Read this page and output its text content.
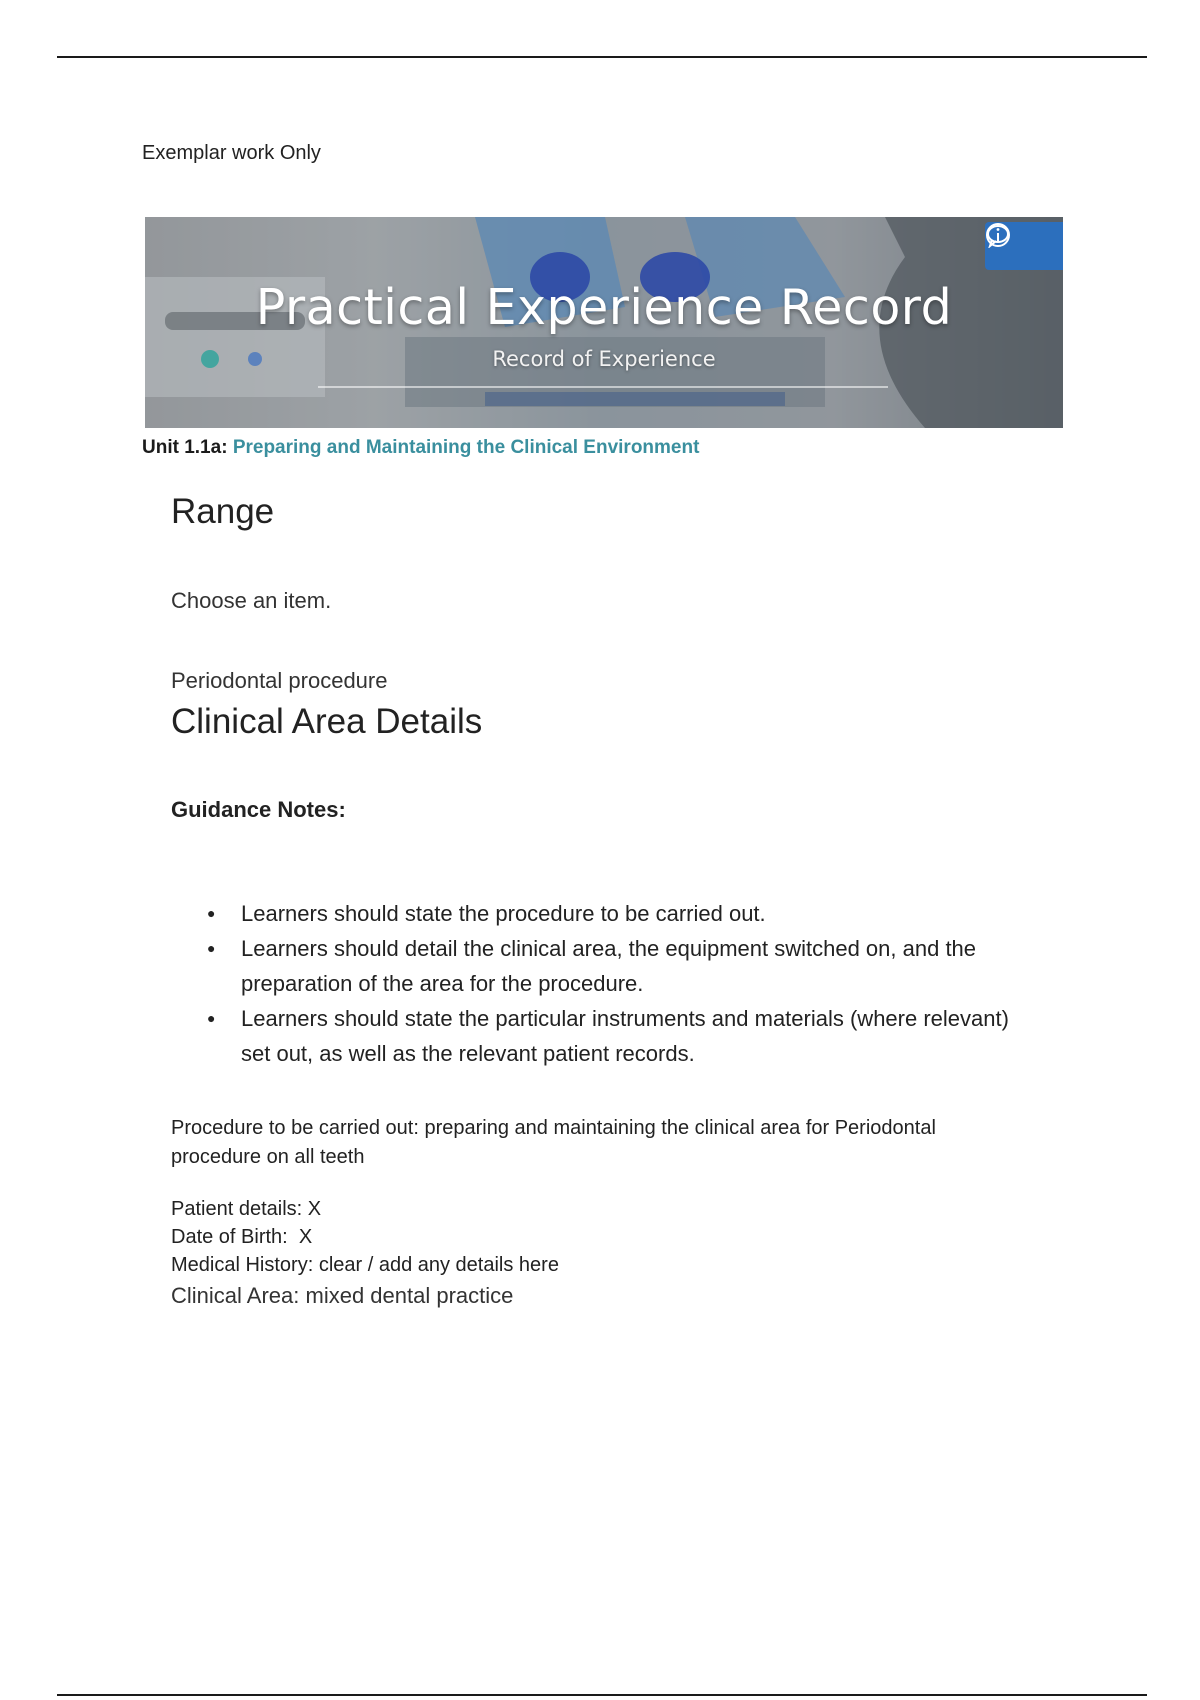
Exemplar work Only
Practical Experience Record
Record of Experience
Unit 1.1a: Preparing and Maintaining the Clinical Environment
Range
Choose an item.
Periodontal procedure
Clinical Area Details
Guidance Notes:
● Learners should state the procedure to be carried out.
● Learners should detail the clinical area, the equipment switched on, and the preparation of the area for the procedure.
● Learners should state the particular instruments and materials (where relevant) set out, as well as the relevant patient records.
Procedure to be carried out: preparing and maintaining the clinical area for Periodontal procedure on all teeth
Patient details: X
Date of Birth:  X
Medical History: clear / add any details here
Clinical Area: mixed dental practice
